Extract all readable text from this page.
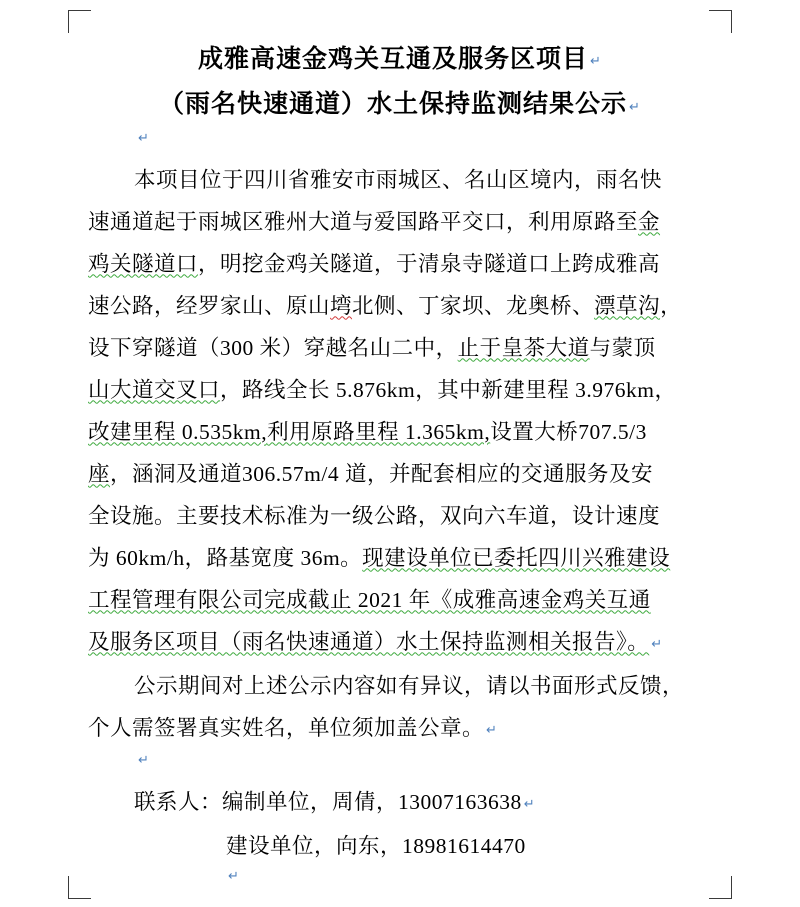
成雅高速金鸡关互通及服务区项目 ↵
（雨名快速通道）水土保持监测结果公示 ↵
↵
本项目位于四川省雅安市雨城区、名山区境内，雨名快
速通道起于雨城区雅州大道与爱国路平交口，利用原路至金
鸡关隧道口，明挖金鸡关隧道，于清泉寺隧道口上跨成雅高
速公路，经罗家山、原山塆北侧、丁家坝、龙奥桥、漂草沟，
设下穿隧道（300 米）穿越名山二中，止于皇茶大道与蒙顶
山大道交叉口，路线全长 5.876km，其中新建里程 3.976km，
改建里程 0.535km,利用原路里程 1.365km,设置大桥707.5/3
座，涵洞及通道306.57m/4 道，并配套相应的交通服务及安
全设施。主要技术标准为一级公路，双向六车道，设计速度
为 60km/h，路基宽度 36m。现建设单位已委托四川兴雅建设
工程管理有限公司完成截止 2021 年《成雅高速金鸡关互通
及服务区项目（雨名快速通道）水土保持监测相关报告》。 ↵
公示期间对上述公示内容如有异议，请以书面形式反馈，
个人需签署真实姓名，单位须加盖公章。 ↵
↵
联系人：编制单位，周倩，13007163638 ↵
建设单位，向东，18981614470
↵
